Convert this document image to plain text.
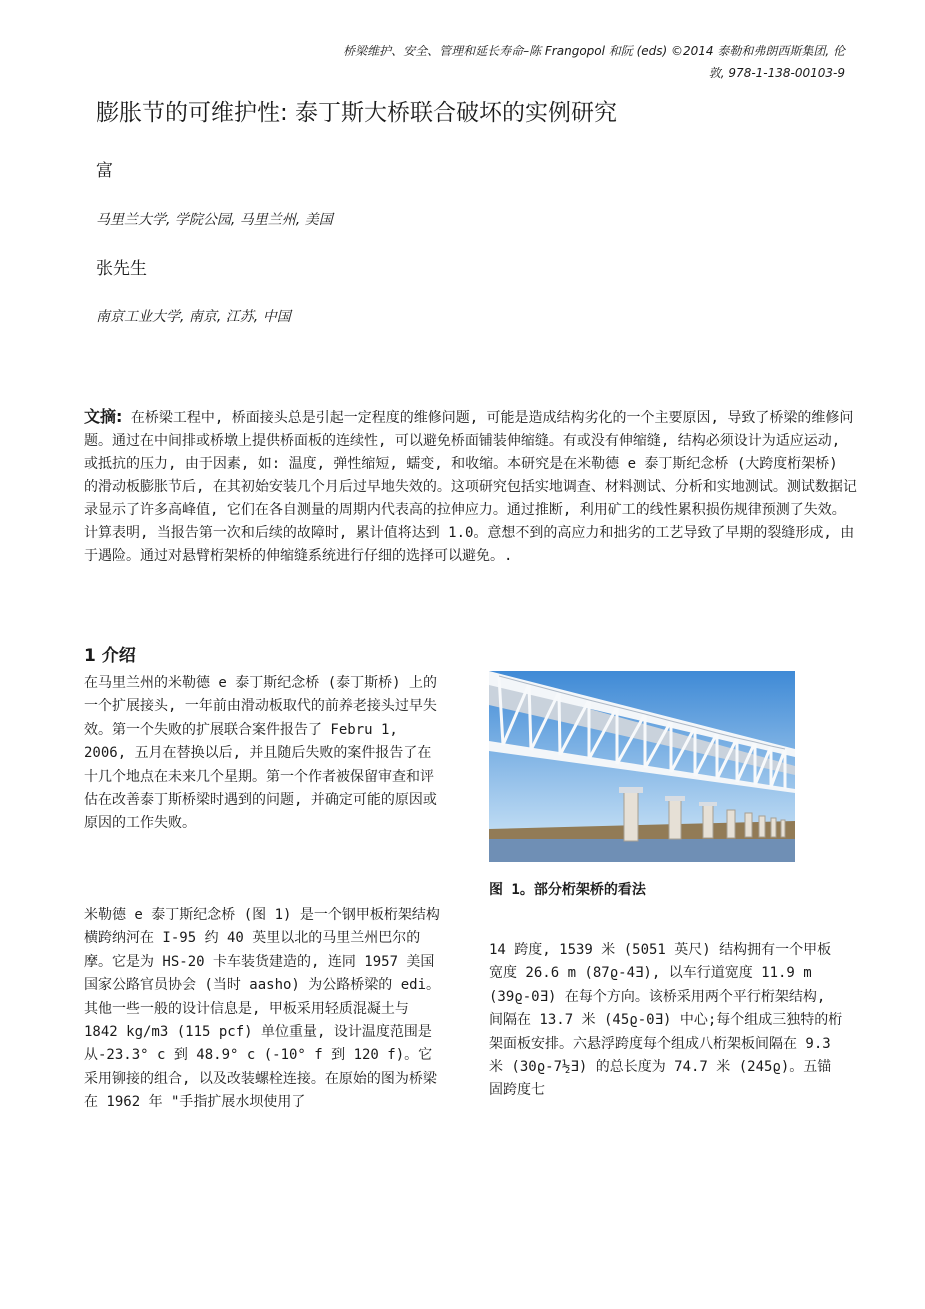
桥梁维护、安全、管理和延长寿命–陈 Frangopol 和阮 (eds) ©2014 泰勒和弗朗西斯集团, 伦敦, 978-1-138-00103-9
膨胀节的可维护性: 泰丁斯大桥联合破坏的实例研究
富
马里兰大学, 学院公园, 马里兰州, 美国
张先生
南京工业大学, 南京, 江苏, 中国
文摘: 在桥梁工程中, 桥面接头总是引起一定程度的维修问题, 可能是造成结构劣化的一个主要原因, 导致了桥梁的维修问题。通过在中间排或桥墩上提供桥面板的连续性, 可以避免桥面铺装伸缩缝。有或没有伸缩缝, 结构必须设计为适应运动, 或抵抗的压力, 由于因素, 如: 温度, 弹性缩短, 蠕变, 和收缩。本研究是在米勒德 e 泰丁斯纪念桥 (大跨度桁架桥) 的滑动板膨胀节后, 在其初始安装几个月后过早地失效的。这项研究包括实地调查、材料测试、分析和实地测试。测试数据记录显示了许多高峰值, 它们在各自测量的周期内代表高的拉伸应力。通过推断, 利用矿工的线性累积损伤规律预测了失效。计算表明, 当报告第一次和后续的故障时, 累计值将达到 1.0。意想不到的高应力和拙劣的工艺导致了早期的裂缝形成, 由于遇险。通过对悬臂桁架桥的伸缩缝系统进行仔细的选择可以避免。.
1 介绍

在马里兰州的米勒德 e 泰丁斯纪念桥 (泰丁斯桥) 上的一个扩展接头, 一年前由滑动板取代的前养老接头过早失效。第一个失败的扩展联合案件报告了 Febru 1, 2006, 五月在替换以后, 并且随后失败的案件报告了在十几个地点在未来几个星期。第一个作者被保留审查和评估在改善泰丁斯桥梁时遇到的问题, 并确定可能的原因或原因的工作失败。

米勒德 e 泰丁斯纪念桥 (图 1) 是一个钢甲板桁架结构横跨纳河在 I-95 约 40 英里以北的马里兰州巴尔的摩。它是为 HS-20 卡车装货建造的, 连同 1957 美国国家公路官员协会 (当时 aasho) 为公路桥梁的 edi。其他一些一般的设计信息是, 甲板采用轻质混凝土与 1842 kg/m3 (115 pcf) 单位重量, 设计温度范围是从-23.3° c 到 48.9° c (-10° f 到 120 f)。它采用铆接的组合, 以及改装螺栓连接。在原始的图为桥梁在 1962 年 "手指扩展水坝使用了

图 1。部分桁架桥的看法

14 跨度, 1539 米 (5051 英尺) 结构拥有一个甲板宽度 26.6 m (87ϱ-4Ǝ), 以车行道宽度 11.9 m (39ϱ-0Ǝ) 在每个方向。该桥采用两个平行桁架结构, 间隔在 13.7 米 (45ϱ-0Ǝ) 中心;每个组成三独特的桁架面板安排。六悬浮跨度每个组成八桁架板间隔在 9.3 米 (30ϱ-7½Ǝ) 的总长度为 74.7 米 (245ϱ)。五锚固跨度七
